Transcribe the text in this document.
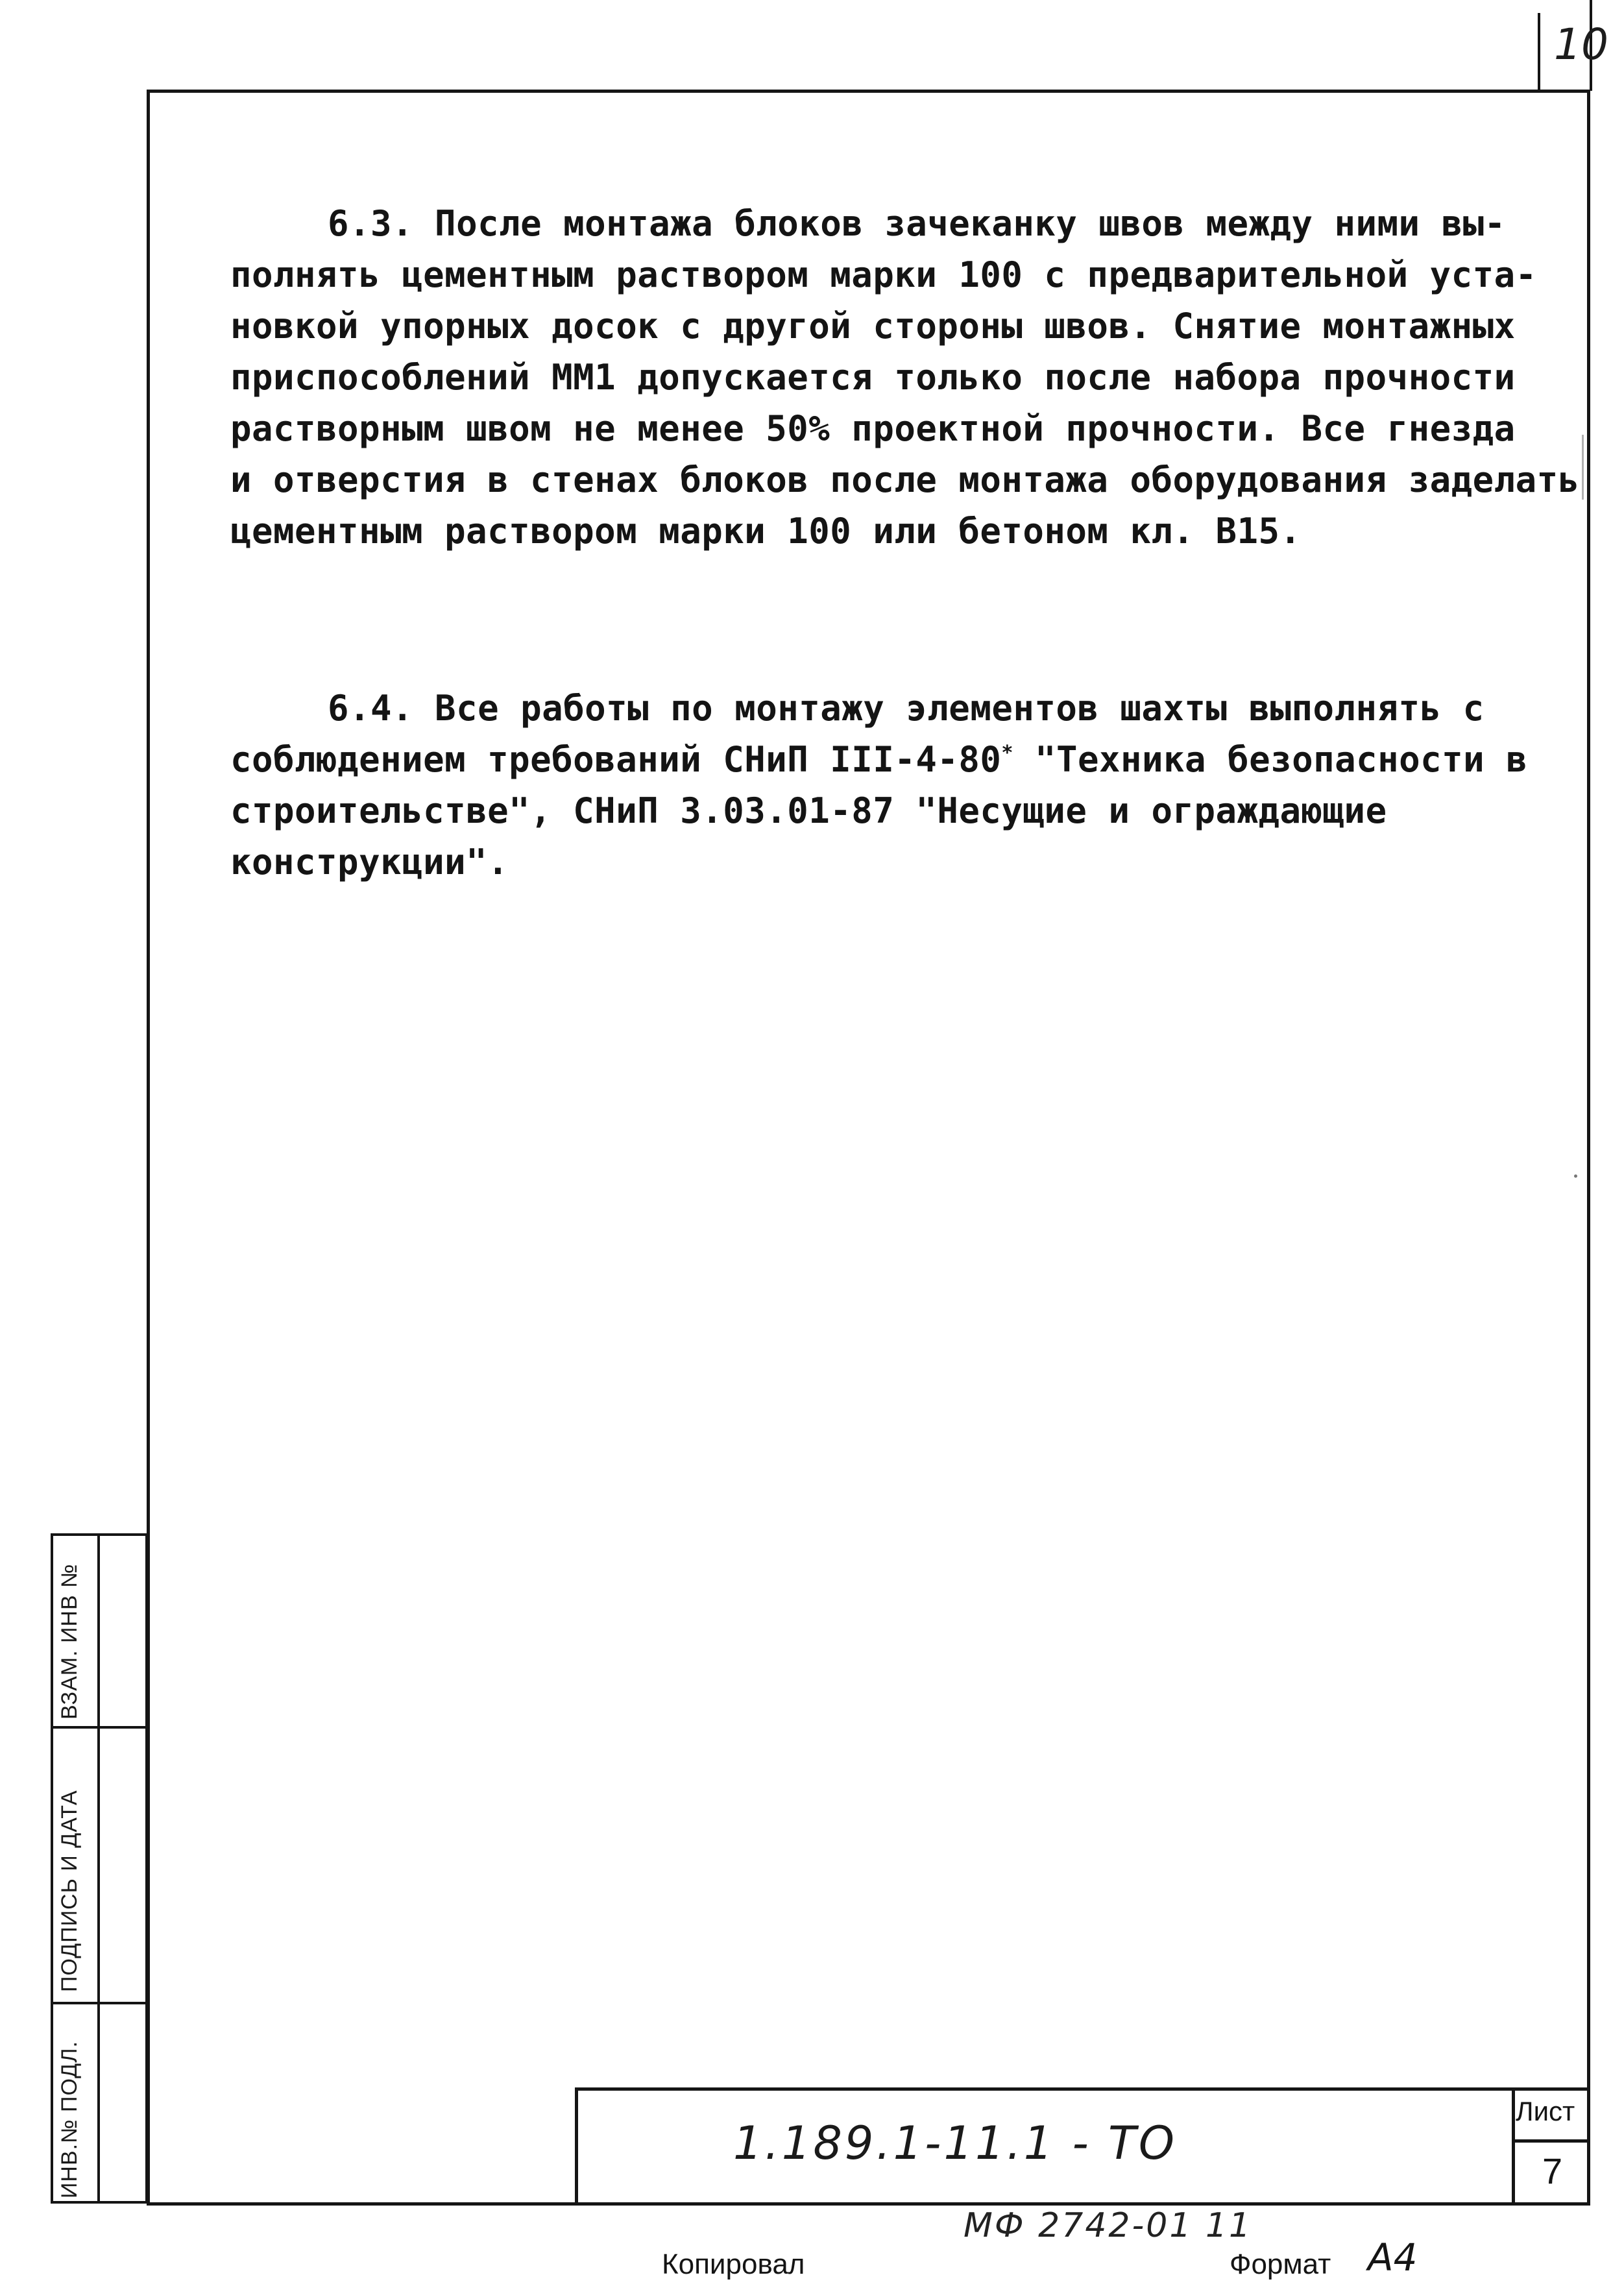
10
6.3. После монтажа блоков зачеканку швов между ними вы-
полнять цементным раствором марки 100 с предварительной уста-
новкой упорных досок с другой стороны швов. Снятие монтажных
приспособлений ММ1 допускается только после набора прочности
растворным швом не менее 50% проектной прочности. Все гнезда
и отверстия в стенах блоков после монтажа оборудования заделать
цементным раствором марки 100 или бетоном кл. В15.
6.4. Все работы по монтажу элементов шахты выполнять с
соблюдением требований СНиП III-4-80* "Техника безопасности в
строительстве", СНиП 3.03.01-87 "Несущие и ограждающие
конструкции".
ВЗАМ. ИНВ №
ПОДПИСЬ И ДАТА
ИНВ.№ ПОДЛ.	1.189.1-11.1 - ТО
Лист
7
МФ 2742-01 11
Копировал	Формат А4
